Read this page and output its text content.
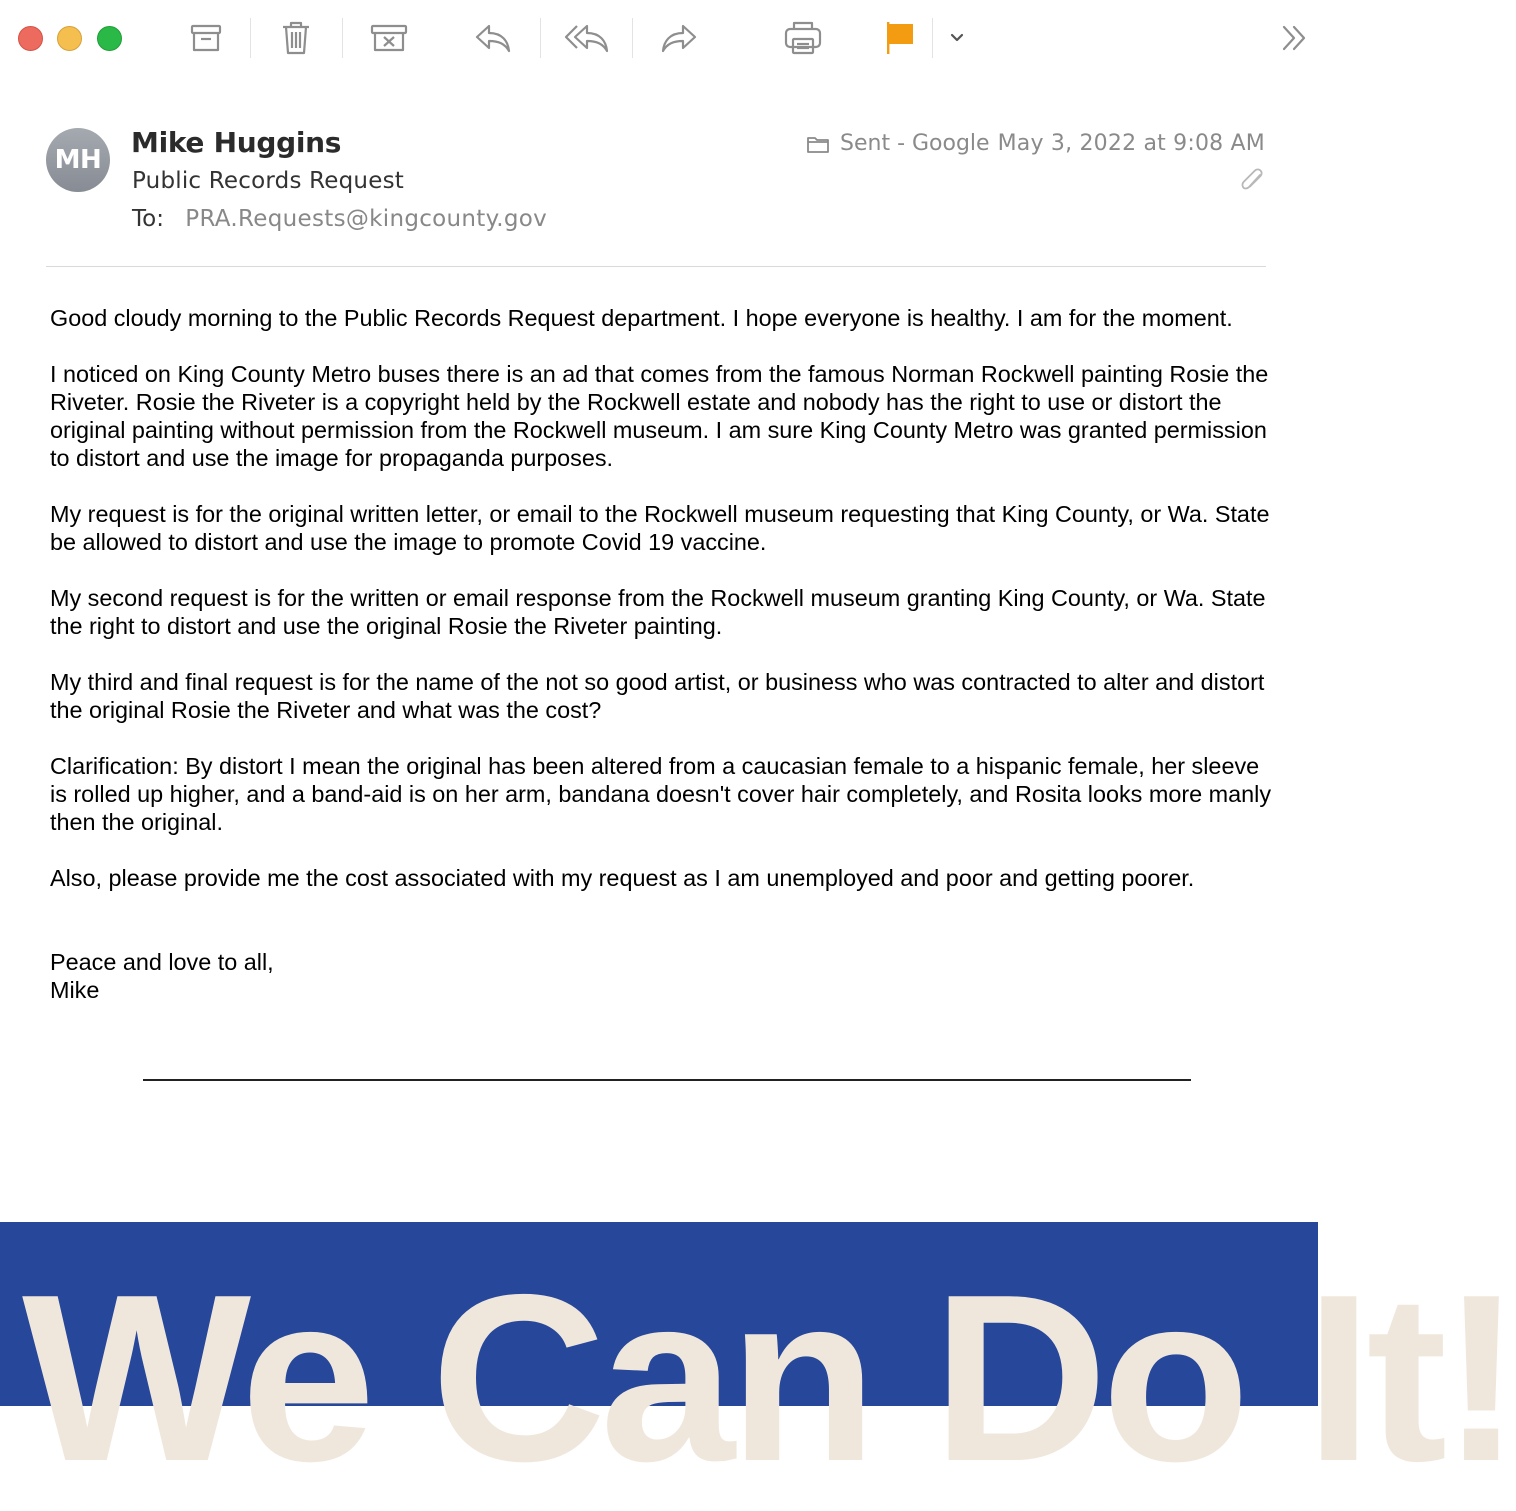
MH
Mike Huggins
Public Records Request
To: PRA.Requests@kingcounty.gov
Sent - Google May 3, 2022 at 9:08 AM

Good cloudy morning to the Public Records Request department. I hope everyone is healthy. I am for the moment.

I noticed on King County Metro buses there is an ad that comes from the famous Norman Rockwell painting Rosie the Riveter. Rosie the Riveter is a copyright held by the Rockwell estate and nobody has the right to use or distort the original painting without permission from the Rockwell museum. I am sure King County Metro was granted permission to distort and use the image for propaganda purposes.

My request is for the original written letter, or email to the Rockwell museum requesting that King County, or Wa. State be allowed to distort and use the image to promote Covid 19 vaccine.

My second request is for the written or email response from the Rockwell museum granting King County, or Wa. State the right to distort and use the original Rosie the Riveter painting.

My third and final request is for the name of the not so good artist, or business who was contracted to alter and distort the original Rosie the Riveter and what was the cost?

Clarification: By distort I mean the original has been altered from a caucasian female to a hispanic female, her sleeve is rolled up higher, and a band-aid is on her arm, bandana doesn't cover hair completely, and Rosita looks more manly then the original.

Also, please provide me the cost associated with my request as I am unemployed and poor and getting poorer.

Peace and love to all,

Mike

We Can Do It!
